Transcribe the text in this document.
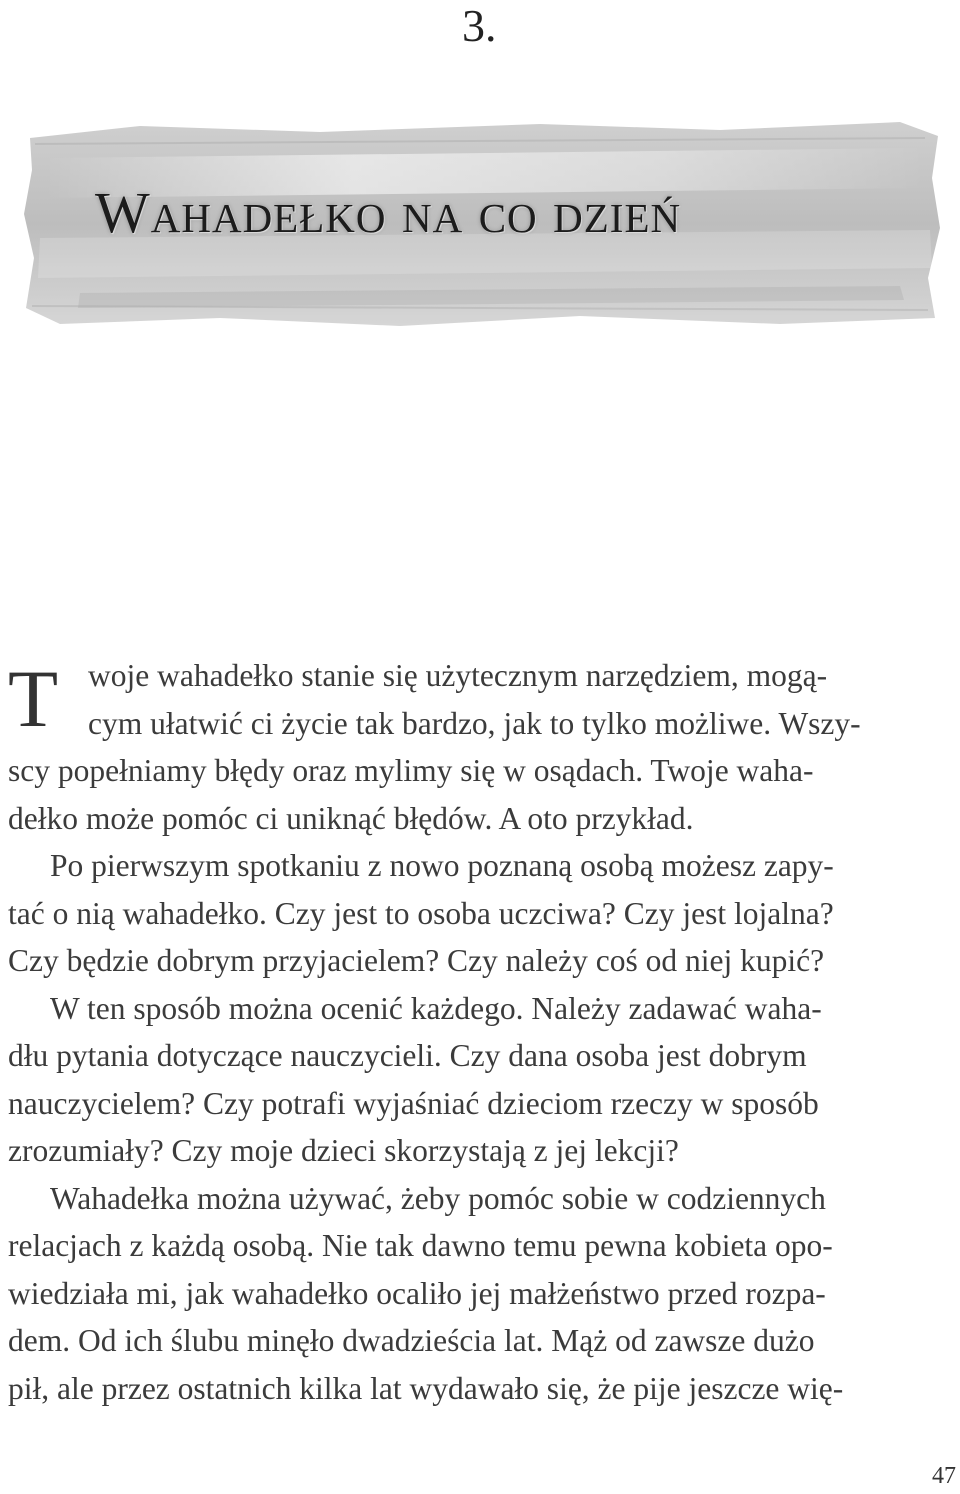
3.
Wahadełko na co dzień
T woje wahadełko stanie się użytecznym narzędziem, mogą-
cym ułatwić ci życie tak bardzo, jak to tylko możliwe. Wszy-
scy popełniamy błędy oraz mylimy się w osądach. Twoje waha-
dełko może pomóc ci uniknąć błędów. A oto przykład.
Po pierwszym spotkaniu z nowo poznaną osobą możesz zapy-
tać o nią wahadełko. Czy jest to osoba uczciwa? Czy jest lojalna?
Czy będzie dobrym przyjacielem? Czy należy coś od niej kupić?
W ten sposób można ocenić każdego. Należy zadawać waha-
dłu pytania dotyczące nauczycieli. Czy dana osoba jest dobrym
nauczycielem? Czy potrafi wyjaśniać dzieciom rzeczy w sposób
zrozumiały? Czy moje dzieci skorzystają z jej lekcji?
Wahadełka można używać, żeby pomóc sobie w codziennych
relacjach z każdą osobą. Nie tak dawno temu pewna kobieta opo-
wiedziała mi, jak wahadełko ocaliło jej małżeństwo przed rozpa-
dem. Od ich ślubu minęło dwadzieścia lat. Mąż od zawsze dużo
pił, ale przez ostatnich kilka lat wydawało się, że pije jeszcze wię-
47
